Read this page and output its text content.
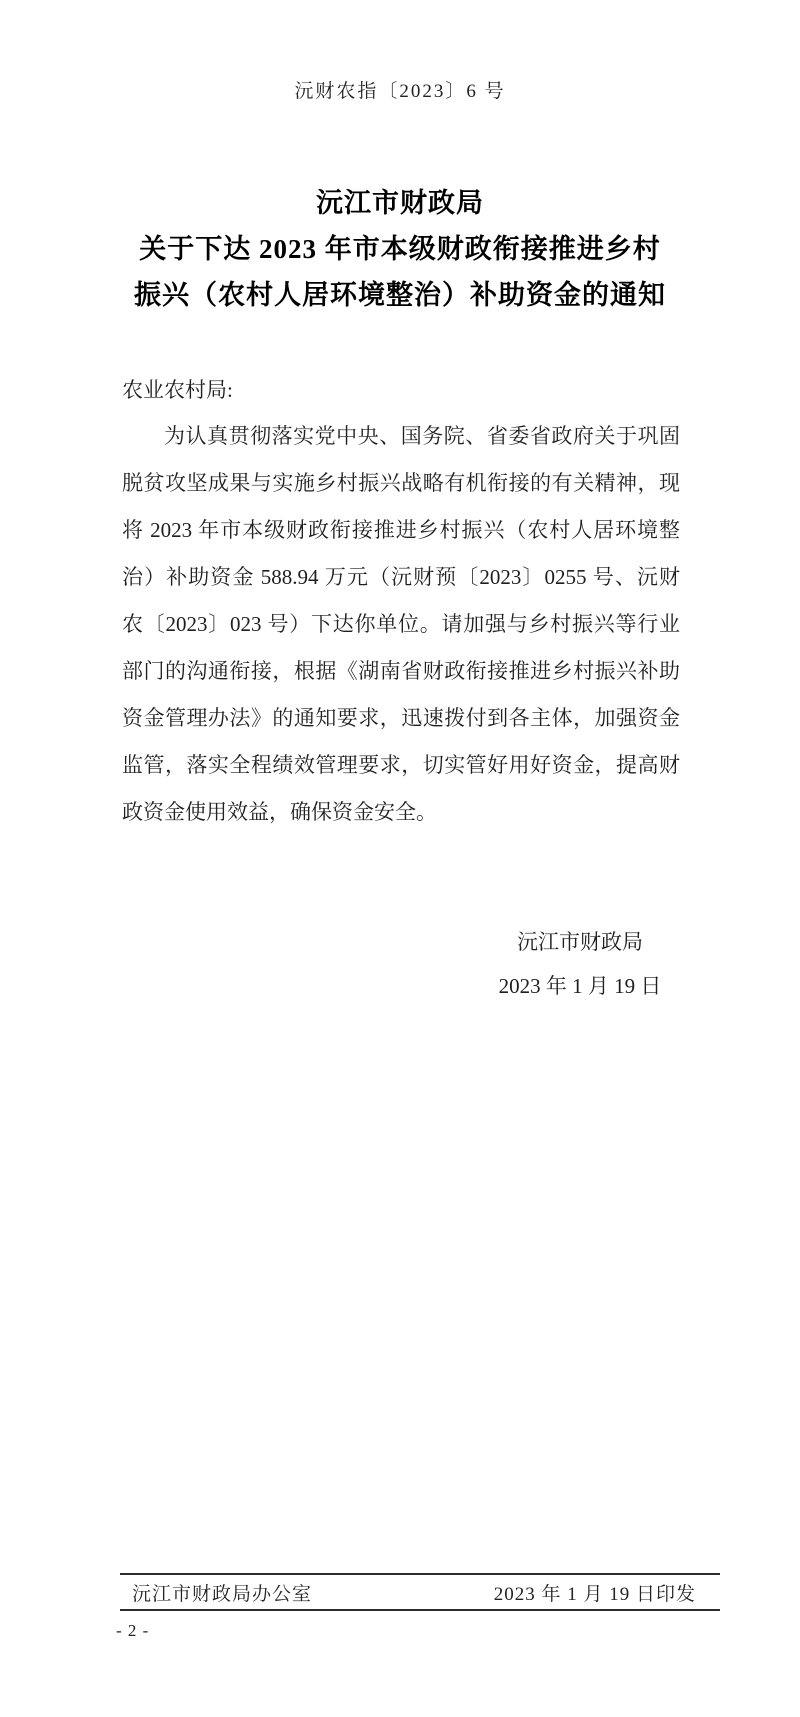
沅财农指〔2023〕6 号
沅江市财政局
关于下达 2023 年市本级财政衔接推进乡村
振兴（农村人居环境整治）补助资金的通知
农业农村局:
为认真贯彻落实党中央、国务院、省委省政府关于巩固
脱贫攻坚成果与实施乡村振兴战略有机衔接的有关精神，现
将 2023 年市本级财政衔接推进乡村振兴（农村人居环境整
治）补助资金 588.94 万元（沅财预〔2023〕0255 号、沅财
农〔2023〕023 号）下达你单位。请加强与乡村振兴等行业
部门的沟通衔接，根据《湖南省财政衔接推进乡村振兴补助
资金管理办法》的通知要求，迅速拨付到各主体，加强资金
监管，落实全程绩效管理要求，切实管好用好资金，提高财
政资金使用效益，确保资金安全。
沅江市财政局
2023 年 1 月 19 日
沅江市财政局办公室	2023 年 1 月 19 日印发
- 2 -
